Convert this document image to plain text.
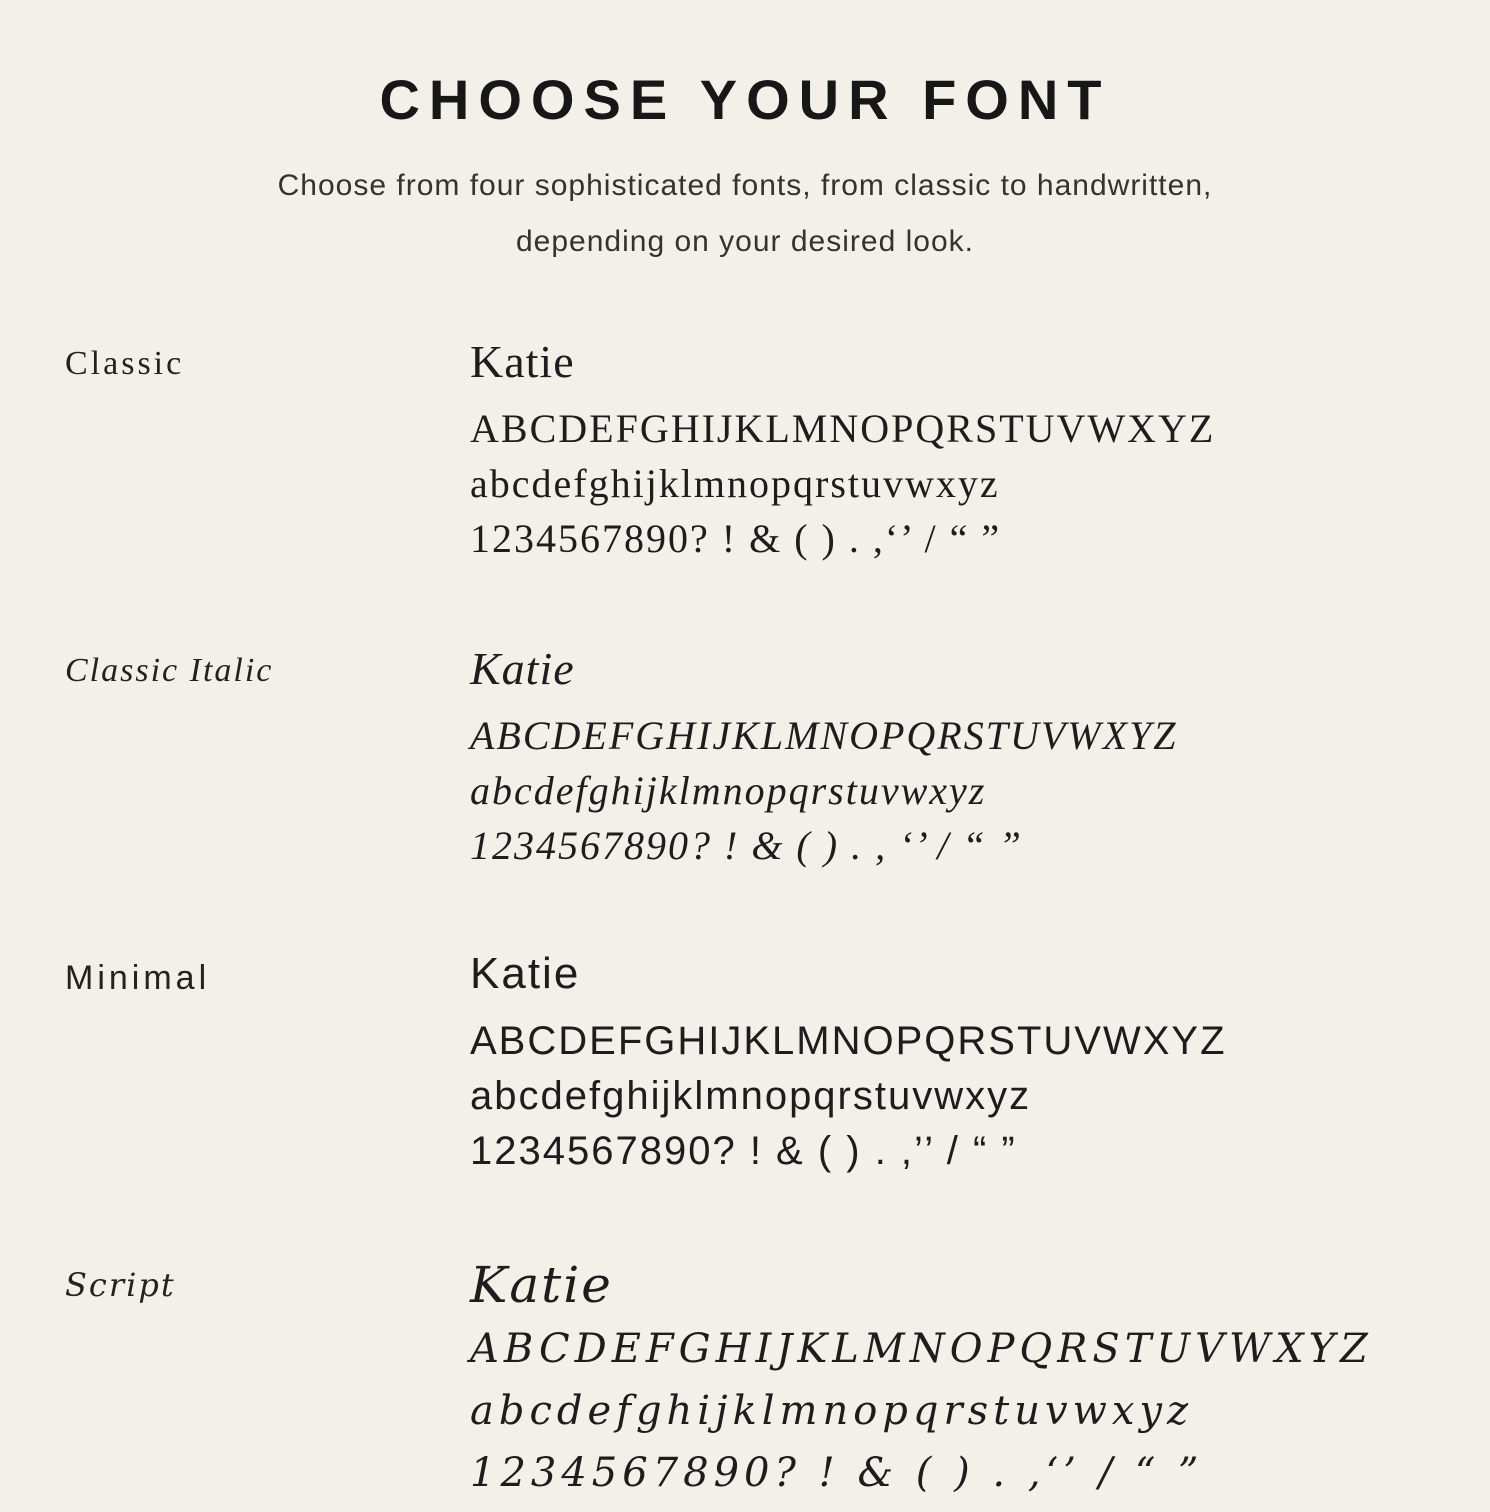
CHOOSE YOUR FONT
Choose from four sophisticated fonts, from classic to handwritten,
depending on your desired look.
Classic	Katie
ABCDEFGHIJKLMNOPQRSTUVWXYZ
abcdefghijklmnopqrstuvwxyz
1234567890? ! & ( ) . ,‘’ / “ ”
Classic Italic	Katie
ABCDEFGHIJKLMNOPQRSTUVWXYZ
abcdefghijklmnopqrstuvwxyz
1234567890? ! & ( ) . , ‘’ / “ ”
Minimal	Katie
ABCDEFGHIJKLMNOPQRSTUVWXYZ
abcdefghijklmnopqrstuvwxyz
1234567890? ! & ( ) . ,’’ / “ ”
Script	Katie
ABCDEFGHIJKLMNOPQRSTUVWXYZ
abcdefghijklmnopqrstuvwxyz
1234567890? ! & ( ) . ,‘’ / “ ”
